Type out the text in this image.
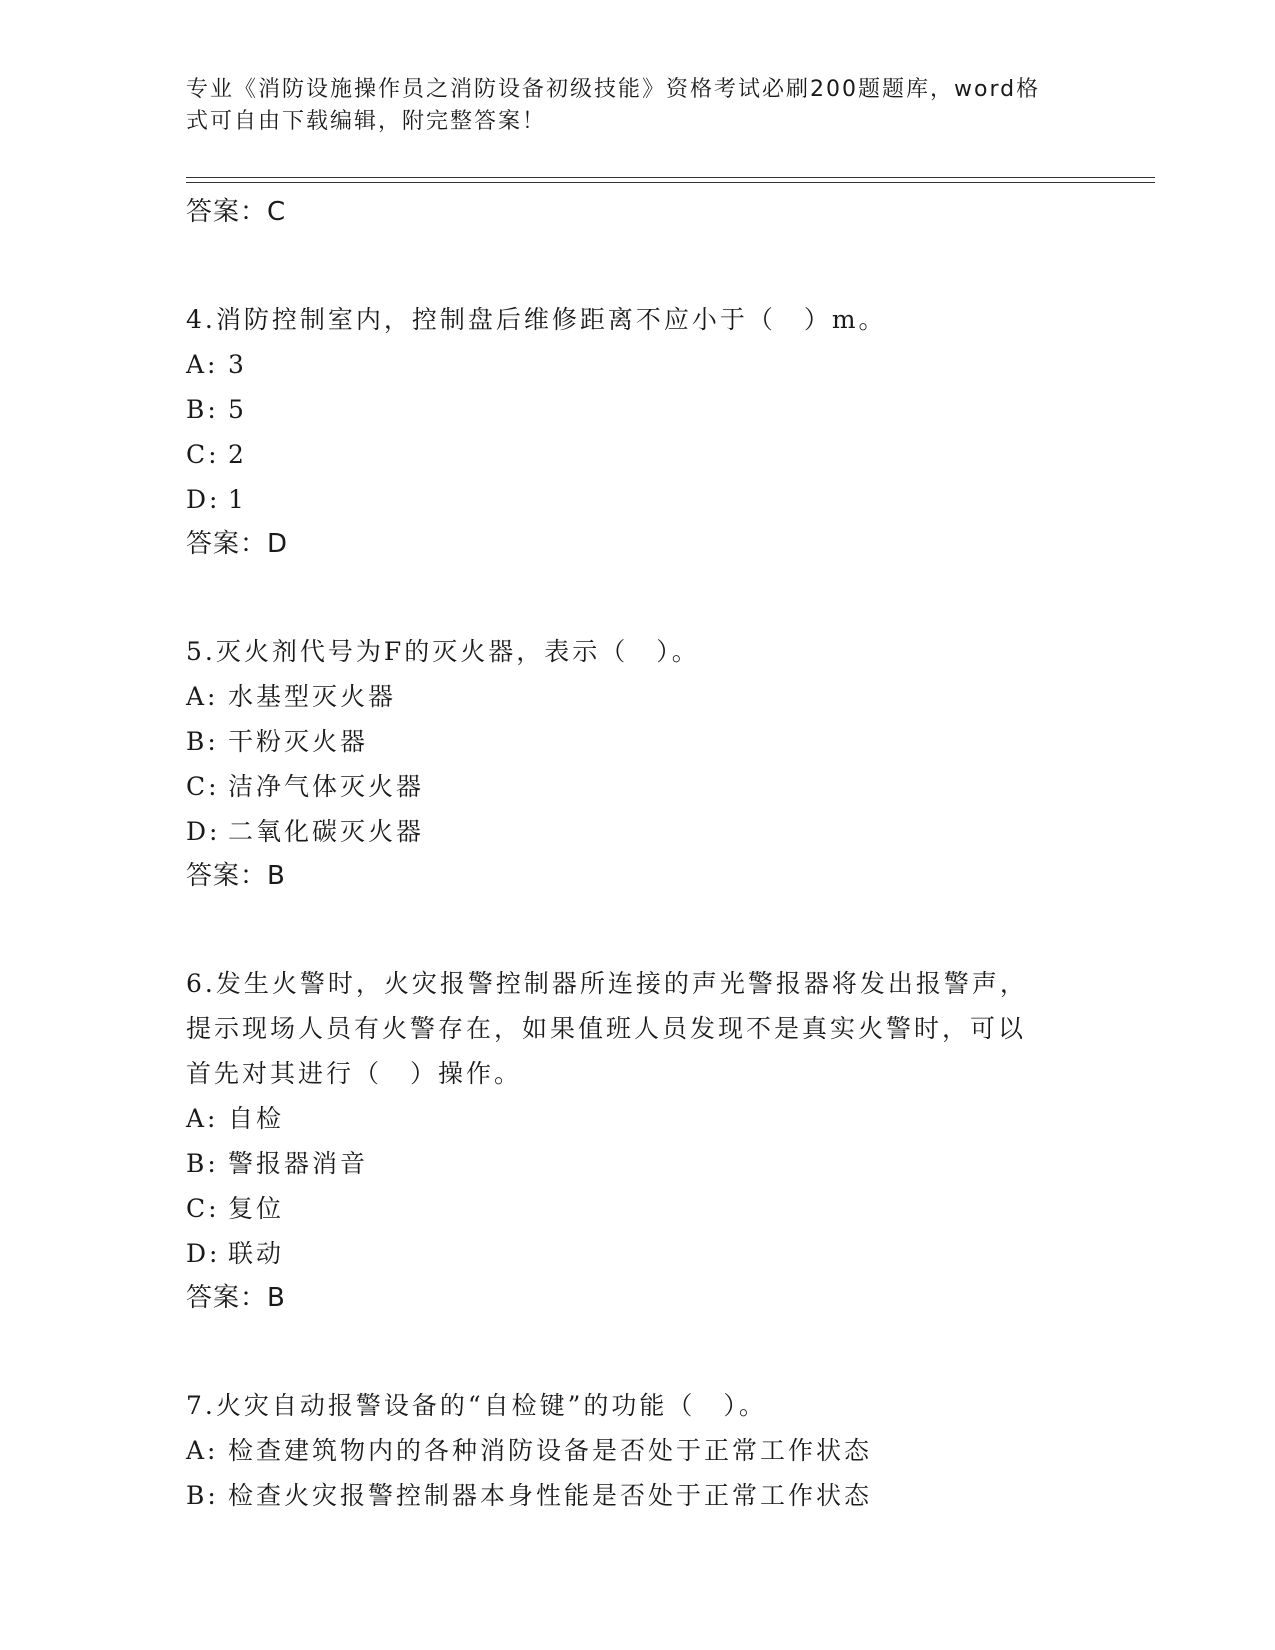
专业《消防设施操作员之消防设备初级技能》资格考试必刷200题题库，word格
式可自由下载编辑，附完整答案！
答案：C
4.消防控制室内，控制盘后维修距离不应小于（　）m。
A: 3
B: 5
C: 2
D: 1
答案：D
5.灭火剂代号为F的灭火器，表示（　）。
A: 水基型灭火器
B: 干粉灭火器
C: 洁净气体灭火器
D: 二氧化碳灭火器
答案：B
6.发生火警时，火灾报警控制器所连接的声光警报器将发出报警声，
提示现场人员有火警存在，如果值班人员发现不是真实火警时，可以
首先对其进行（　）操作。
A: 自检
B: 警报器消音
C: 复位
D: 联动
答案：B
7.火灾自动报警设备的“自检键”的功能（　）。
A: 检查建筑物内的各种消防设备是否处于正常工作状态
B: 检查火灾报警控制器本身性能是否处于正常工作状态
